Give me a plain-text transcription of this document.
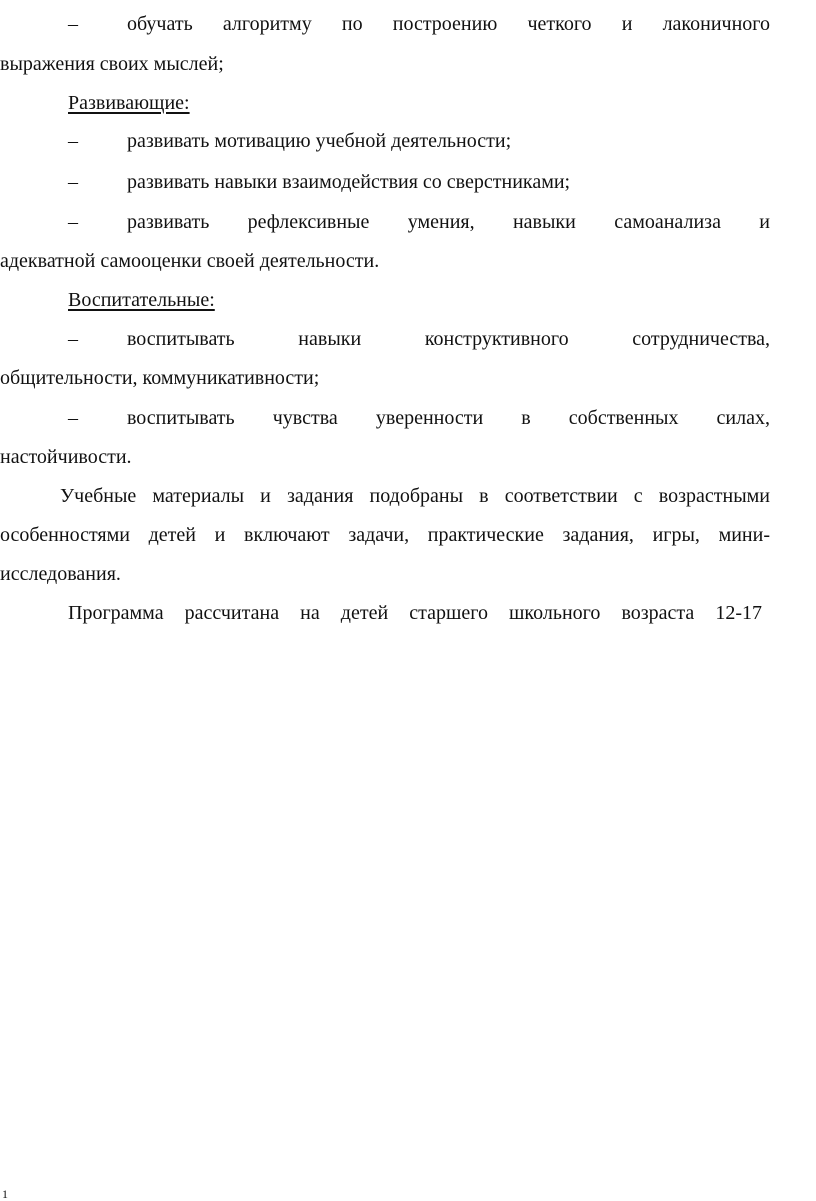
– обучать алгоритму по построению четкого и лаконичного
выражения своих мыслей;
Развивающие:
– развивать мотивацию учебной деятельности;
– развивать навыки взаимодействия со сверстниками;
– развивать рефлексивные умения, навыки самоанализа и
адекватной самооценки своей деятельности.
Воспитательные:
– воспитывать навыки конструктивного сотрудничества,
общительности, коммуникативности;
– воспитывать чувства уверенности в собственных силах,
настойчивости.
Учебные материалы и задания подобраны в соответствии с возрастными
особенностями детей и включают задачи, практические задания, игры, мини-
исследования.
Программа рассчитана на детей старшего школьного возраста 12-17
1
